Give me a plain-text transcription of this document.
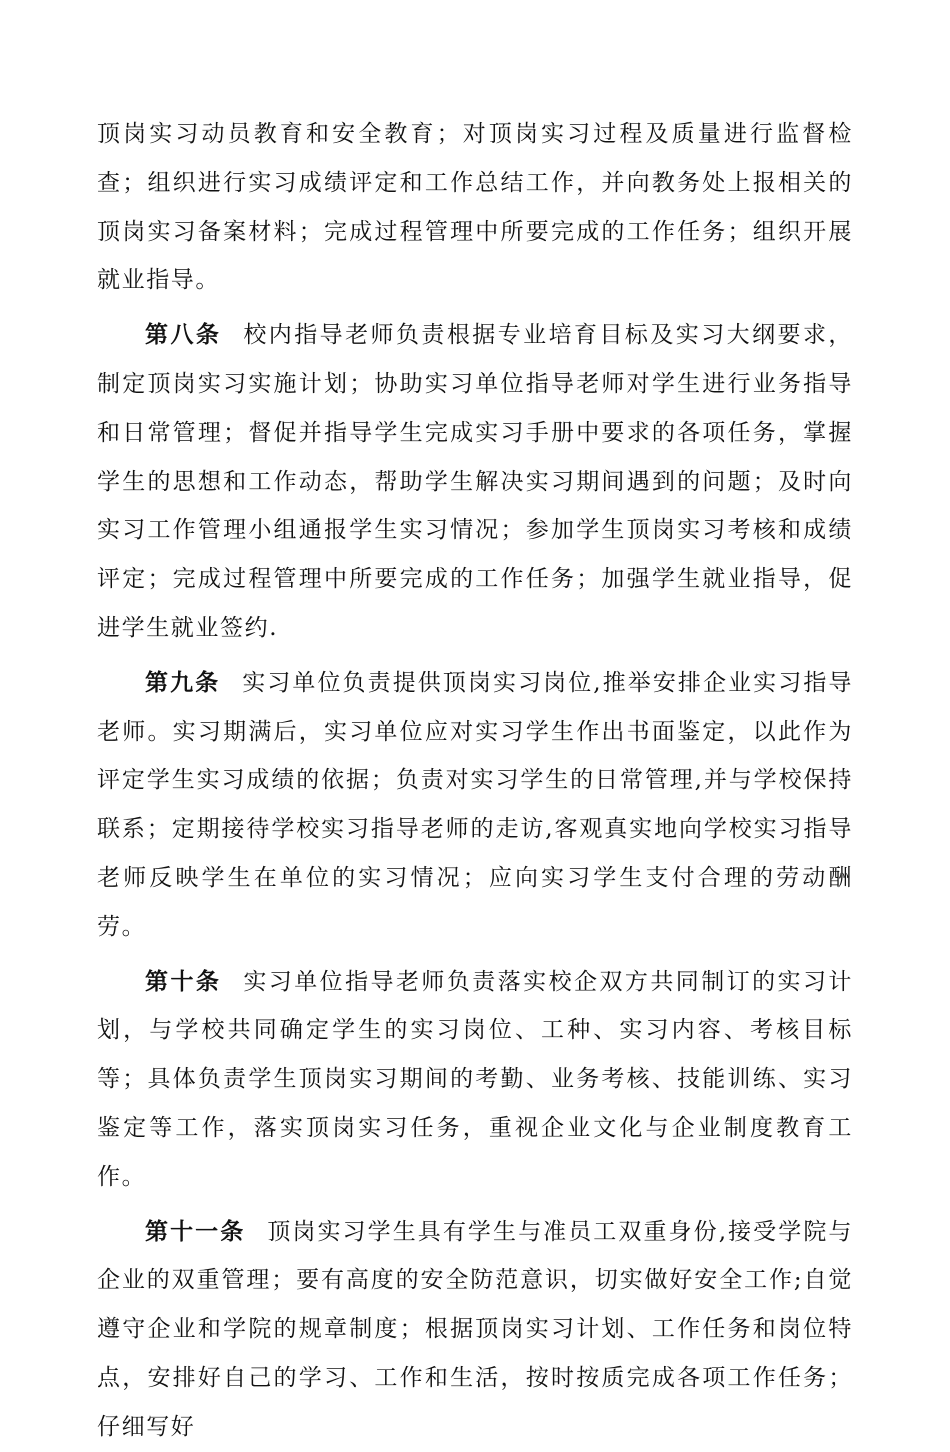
顶岗实习动员教育和安全教育；对顶岗实习过程及质量进行监督检查；组织进行实习成绩评定和工作总结工作，并向教务处上报相关的顶岗实习备案材料；完成过程管理中所要完成的工作任务；组织开展就业指导。

第八条 校内指导老师负责根据专业培育目标及实习大纲要求，制定顶岗实习实施计划；协助实习单位指导老师对学生进行业务指导和日常管理；督促并指导学生完成实习手册中要求的各项任务，掌握学生的思想和工作动态，帮助学生解决实习期间遇到的问题；及时向实习工作管理小组通报学生实习情况；参加学生顶岗实习考核和成绩评定；完成过程管理中所要完成的工作任务；加强学生就业指导，促进学生就业签约.

第九条 实习单位负责提供顶岗实习岗位,推举安排企业实习指导老师。实习期满后，实习单位应对实习学生作出书面鉴定，以此作为评定学生实习成绩的依据；负责对实习学生的日常管理,并与学校保持联系；定期接待学校实习指导老师的走访,客观真实地向学校实习指导老师反映学生在单位的实习情况；应向实习学生支付合理的劳动酬劳。

第十条 实习单位指导老师负责落实校企双方共同制订的实习计划，与学校共同确定学生的实习岗位、工种、实习内容、考核目标等；具体负责学生顶岗实习期间的考勤、业务考核、技能训练、实习鉴定等工作，落实顶岗实习任务，重视企业文化与企业制度教育工作。

第十一条 顶岗实习学生具有学生与准员工双重身份,接受学院与企业的双重管理；要有高度的安全防范意识，切实做好安全工作;自觉遵守企业和学院的规章制度；根据顶岗实习计划、工作任务和岗位特点，安排好自己的学习、工作和生活，按时按质完成各项工作任务；仔细写好
